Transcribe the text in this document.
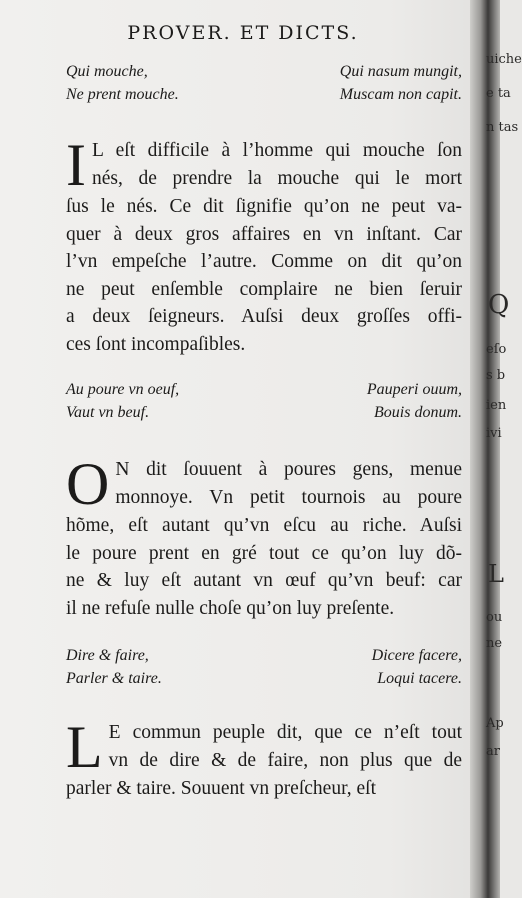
uiche
e ta
n tas
Q
eſo
s b
ien
ivi
L
ou
ne
Ap
ar
PROVER. ET DICTS.
Qui mouche,	Qui nasum mungit,
Ne prent mouche.	Muscam non capit.
I L eſt difficile à l’homme qui mouche ſon
nés, de prendre la mouche qui le mort
ſus le nés. Ce dit ſignifie qu’on ne peut va-
quer à deux gros affaires en vn inſtant. Car
l’vn empeſche l’autre. Comme on dit qu’on
ne peut enſemble complaire ne bien ſeruir
a deux ſeigneurs. Auſsi deux groſſes offi-
ces ſont incompaſibles.
Au poure vn oeuf,	Pauperi ouum,
Vaut vn beuf.	Bouis donum.
O N dit ſouuent à poures gens, menue
monnoye. Vn petit tournois au poure
hõme, eſt autant qu’vn eſcu au riche. Auſsi
le poure prent en gré tout ce qu’on luy dõ-
ne & luy eſt autant vn œuf qu’vn beuf: car
il ne refuſe nulle choſe qu’on luy preſente.
Dire & faire,	Dicere facere,
Parler & taire.	Loqui tacere.
L E commun peuple dit, que ce n’eſt tout
vn de dire & de faire, non plus que de
parler & taire. Souuent vn preſcheur, eſt
